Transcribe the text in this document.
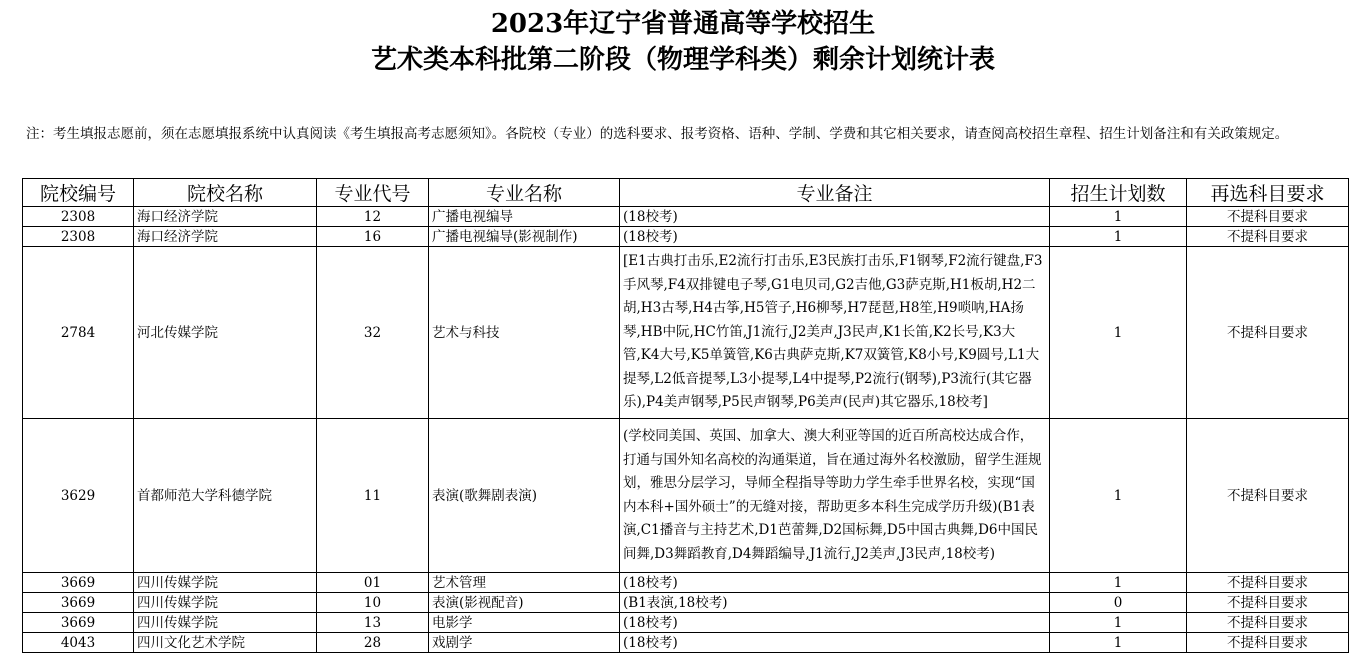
2023年辽宁省普通高等学校招生
艺术类本科批第二阶段（物理学科类）剩余计划统计表
注：考生填报志愿前，须在志愿填报系统中认真阅读《考生填报高考志愿须知》。各院校（专业）的选科要求、报考资格、语种、学制、学费和其它相关要求，请查阅高校招生章程、招生计划备注和有关政策规定。
院校编号	院校名称	专业代号	专业名称	专业备注	招生计划数	再选科目要求
2308	海口经济学院	12	广播电视编导	(18校考)	1	不提科目要求
2308	海口经济学院	16	广播电视编导(影视制作)	(18校考)	1	不提科目要求
2784	河北传媒学院	32	艺术与科技	[E1古典打击乐,E2流行打击乐,E3民族打击乐,F1钢琴,F2流行键盘,F3手风琴,F4双排键电子琴,G1电贝司,G2吉他,G3萨克斯,H1板胡,H2二胡,H3古琴,H4古筝,H5管子,H6柳琴,H7琵琶,H8笙,H9唢呐,HA扬琴,HB中阮,HC竹笛,J1流行,J2美声,J3民声,K1长笛,K2长号,K3大管,K4大号,K5单簧管,K6古典萨克斯,K7双簧管,K8小号,K9圆号,L1大提琴,L2低音提琴,L3小提琴,L4中提琴,P2流行(钢琴),P3流行(其它器乐),P4美声钢琴,P5民声钢琴,P6美声(民声)其它器乐,18校考]	1	不提科目要求
3629	首都师范大学科德学院	11	表演(歌舞剧表演)	(学校同美国、英国、加拿大、澳大利亚等国的近百所高校达成合作，打通与国外知名高校的沟通渠道，旨在通过海外名校激励，留学生涯规划，雅思分层学习，导师全程指导等助力学生牵手世界名校，实现“国内本科+国外硕士”的无缝对接，帮助更多本科生完成学历升级)(B1表演,C1播音与主持艺术,D1芭蕾舞,D2国标舞,D5中国古典舞,D6中国民间舞,D3舞蹈教育,D4舞蹈编导,J1流行,J2美声,J3民声,18校考)	1	不提科目要求
3669	四川传媒学院	01	艺术管理	(18校考)	1	不提科目要求
3669	四川传媒学院	10	表演(影视配音)	(B1表演,18校考)	0	不提科目要求
3669	四川传媒学院	13	电影学	(18校考)	1	不提科目要求
4043	四川文化艺术学院	28	戏剧学	(18校考)	1	不提科目要求
